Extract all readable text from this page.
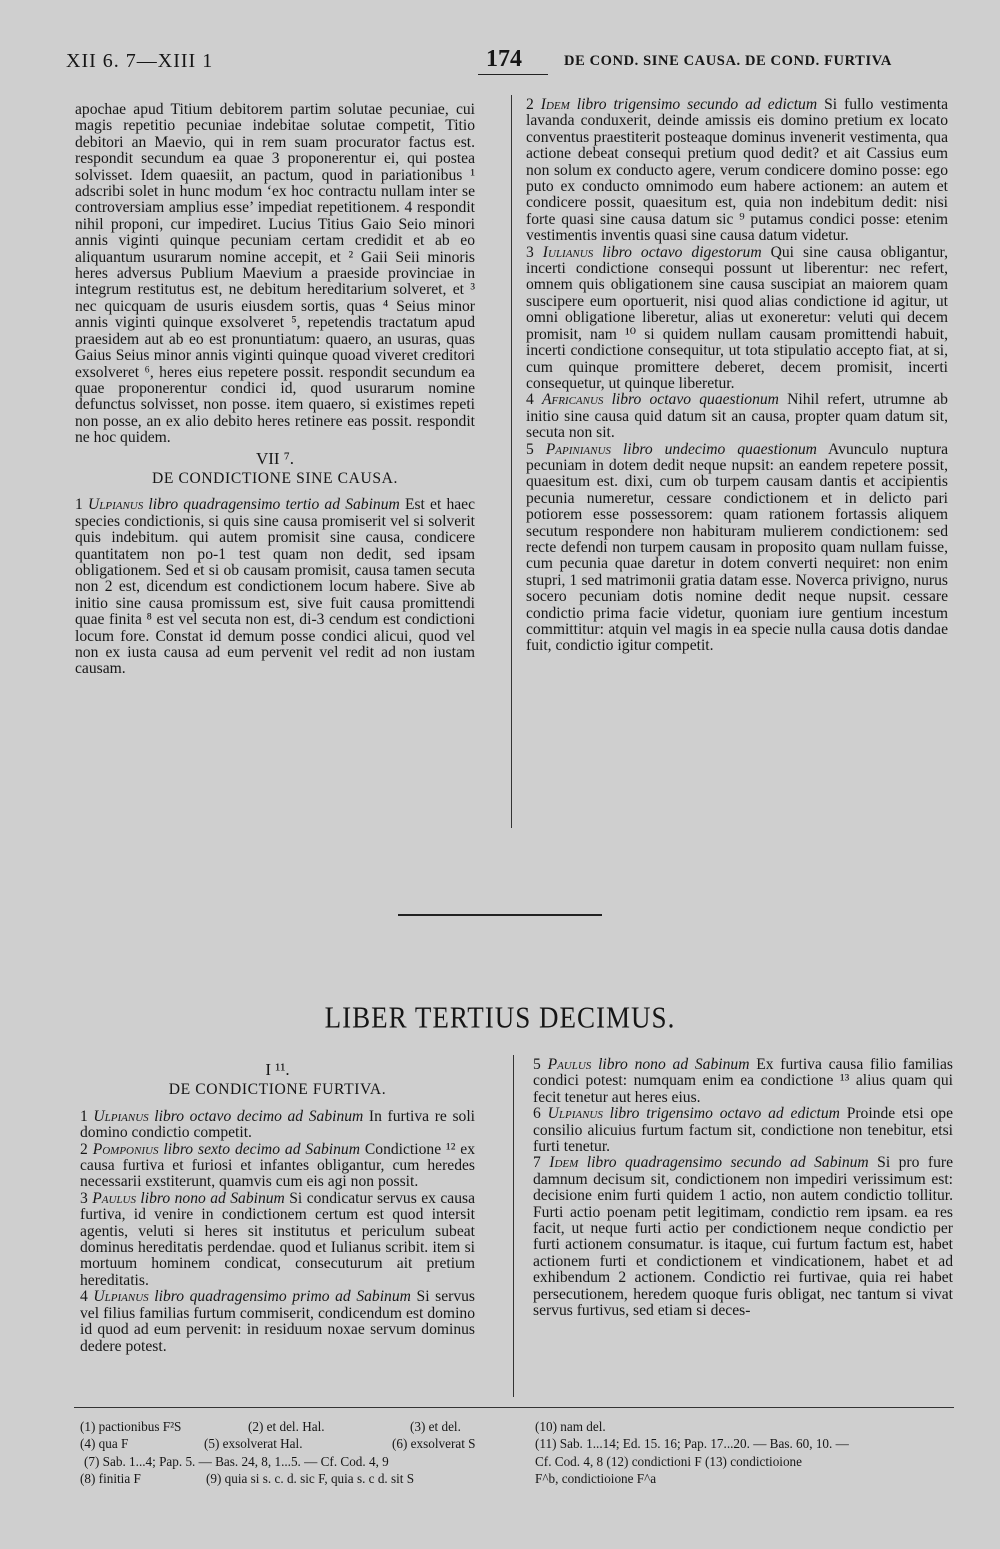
XII 6. 7—XIII 1	174	DE COND. SINE CAUSA. DE COND. FURTIVA

apochae apud Titium debitorem partim solutae pecuniae, cui magis repetitio pecuniae indebitae solutae competit, Titio debitori an Maevio, qui in rem suam procurator factus est. respondit secundum ea quae 3 proponerentur ei, qui postea solvisset. Idem quaesiit, an pactum, quod in pariationibus ¹ adscribi solet in hunc modum ‘ex hoc contractu nullam inter se controversiam amplius esse’ impediat repetitionem. 4 respondit nihil proponi, cur impediret. Lucius Titius Gaio Seio minori annis viginti quinque pecuniam certam credidit et ab eo aliquantum usurarum nomine accepit, et ² Gaii Seii minoris heres adversus Publium Maevium a praeside provinciae in integrum restitutus est, ne debitum hereditarium solveret, et ³ nec quicquam de usuris eiusdem sortis, quas ⁴ Seius minor annis viginti quinque exsolveret ⁵, repetendis tractatum apud praesidem aut ab eo est pronuntiatum: quaero, an usuras, quas Gaius Seius minor annis viginti quinque quoad viveret creditori exsolveret ⁶, heres eius repetere possit. respondit secundum ea quae proponerentur condici id, quod usurarum nomine defunctus solvisset, non posse. item quaero, si existimes repeti non posse, an ex alio debito heres retinere eas possit. respondit ne hoc quidem.

VII ⁷.
DE CONDICTIONE SINE CAUSA.

1 Ulpianus libro quadragensimo tertio ad Sabinum Est et haec species condictionis, si quis sine causa promiserit vel si solverit quis indebitum. qui autem promisit sine causa, condicere quantitatem non po-1 test quam non dedit, sed ipsam obligationem. Sed et si ob causam promisit, causa tamen secuta non 2 est, dicendum est condictionem locum habere. Sive ab initio sine causa promissum est, sive fuit causa promittendi quae finita ⁸ est vel secuta non est, di-3 cendum est condictioni locum fore. Constat id demum posse condici alicui, quod vel non ex iusta causa ad eum pervenit vel redit ad non iustam causam.

2 Idem libro trigensimo secundo ad edictum Si fullo vestimenta lavanda conduxerit, deinde amissis eis domino pretium ex locato conventus praestiterit posteaque dominus invenerit vestimenta, qua actione debeat consequi pretium quod dedit? et ait Cassius eum non solum ex conducto agere, verum condicere domino posse: ego puto ex conducto omnimodo eum habere actionem: an autem et condicere possit, quaesitum est, quia non indebitum dedit: nisi forte quasi sine causa datum sic ⁹ putamus condici posse: etenim vestimentis inventis quasi sine causa datum videtur.

3 Iulianus libro octavo digestorum Qui sine causa obligantur, incerti condictione consequi possunt ut liberentur: nec refert, omnem quis obligationem sine causa suscipiat an maiorem quam suscipere eum oportuerit, nisi quod alias condictione id agitur, ut omni obligatione liberetur, alias ut exoneretur: veluti qui decem promisit, nam ¹⁰ si quidem nullam causam promittendi habuit, incerti condictione consequitur, ut tota stipulatio accepto fiat, at si, cum quinque promittere deberet, decem promisit, incerti consequetur, ut quinque liberetur.

4 Africanus libro octavo quaestionum Nihil refert, utrumne ab initio sine causa quid datum sit an causa, propter quam datum sit, secuta non sit.

5 Papinianus libro undecimo quaestionum Avunculo nuptura pecuniam in dotem dedit neque nupsit: an eandem repetere possit, quaesitum est. dixi, cum ob turpem causam dantis et accipientis pecunia numeretur, cessare condictionem et in delicto pari potiorem esse possessorem: quam rationem fortassis aliquem secutum respondere non habituram mulierem condictionem: sed recte defendi non turpem causam in proposito quam nullam fuisse, cum pecunia quae daretur in dotem converti nequiret: non enim stupri, 1 sed matrimonii gratia datam esse. Noverca privigno, nurus socero pecuniam dotis nomine dedit neque nupsit. cessare condictio prima facie videtur, quoniam iure gentium incestum committitur: atquin vel magis in ea specie nulla causa dotis dandae fuit, condictio igitur competit.

LIBER TERTIUS DECIMUS.
I ¹¹.
DE CONDICTIONE FURTIVA.

1 Ulpianus libro octavo decimo ad Sabinum In furtiva re soli domino condictio competit.

2 Pomponius libro sexto decimo ad Sabinum Condictione ¹² ex causa furtiva et furiosi et infantes obligantur, cum heredes necessarii exstiterunt, quamvis cum eis agi non possit.

3 Paulus libro nono ad Sabinum Si condicatur servus ex causa furtiva, id venire in condictionem certum est quod intersit agentis, veluti si heres sit institutus et periculum subeat dominus hereditatis perdendae. quod et Iulianus scribit. item si mortuum hominem condicat, consecuturum ait pretium hereditatis.

4 Ulpianus libro quadragensimo primo ad Sabinum Si servus vel filius familias furtum commiserit, condicendum est domino id quod ad eum pervenit: in residuum noxae servum dominus dedere potest.

5 Paulus libro nono ad Sabinum Ex furtiva causa filio familias condici potest: numquam enim ea condictione ¹³ alius quam qui fecit tenetur aut heres eius.

6 Ulpianus libro trigensimo octavo ad edictum Proinde etsi ope consilio alicuius furtum factum sit, condictione non tenebitur, etsi furti tenetur.

7 Idem libro quadragensimo secundo ad Sabinum Si pro fure damnum decisum sit, condictionem non impediri verissimum est: decisione enim furti quidem 1 actio, non autem condictio tollitur. Furti actio poenam petit legitimam, condictio rem ipsam. ea res facit, ut neque furti actio per condictionem neque condictio per furti actionem consumatur. is itaque, cui furtum factum est, habet actionem furti et condictionem et vindicationem, habet et ad exhibendum 2 actionem. Condictio rei furtivae, quia rei habet persecutionem, heredem quoque furis obligat, nec tantum si vivat servus furtivus, sed etiam si deces-

(1) pactionibus F²S	(2) et del. Hal.	(3) et del.
(4) qua F	(5) exsolverat Hal.	(6) exsolverat S
(7) Sab. 1...4; Pap. 5. — Bas. 24, 8, 1...5. — Cf. Cod. 4, 9
(8) finitia F	(9) quia si s. c. d. sic F, quia s. c d. sit S
(10) nam del.
(11) Sab. 1...14; Ed. 15. 16; Pap. 17...20. — Bas. 60, 10. —
Cf. Cod. 4, 8 (12) condictioni F (13) condictioione
F^b, condictioione F^a
